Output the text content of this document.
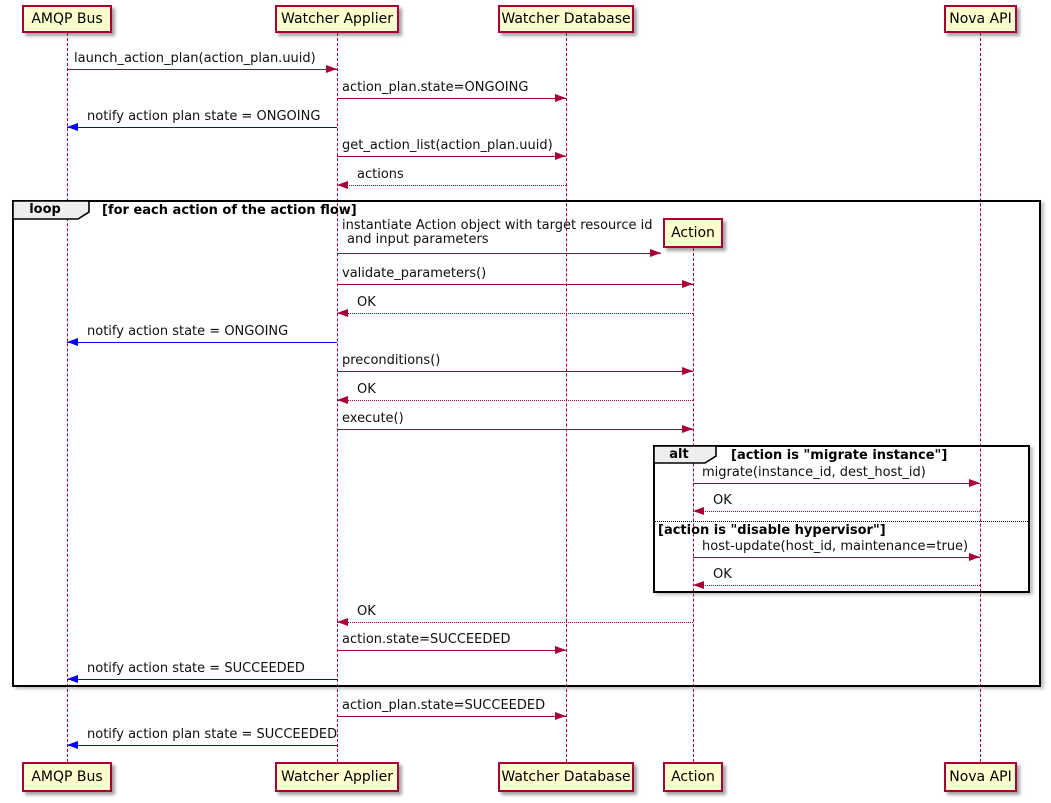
loop	[for each action of the action flow]
alt	[action is "migrate instance"]
[action is "disable hypervisor"]
launch_action_plan(action_plan.uuid)
action_plan.state=ONGOING
notify action plan state = ONGOING
get_action_list(action_plan.uuid)
actions
instantiate Action object with target resource id
and input parameters
validate_parameters()
OK
notify action state = ONGOING
preconditions()
OK
execute()
migrate(instance_id, dest_host_id)
OK
host-update(host_id, maintenance=true)
OK
OK
action.state=SUCCEEDED
notify action state = SUCCEEDED
action_plan.state=SUCCEEDED
notify action plan state = SUCCEEDED
AMQP Bus	Watcher Applier	Watcher Database	Nova API
Action
AMQP Bus	Watcher Applier	Watcher Database	Action	Nova API
